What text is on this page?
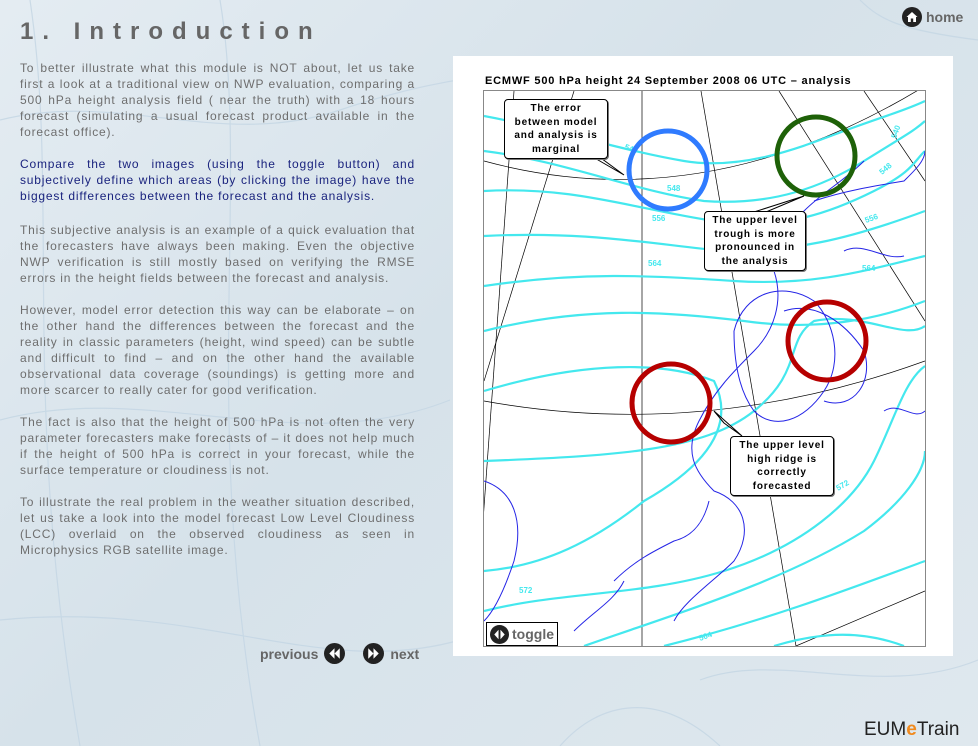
1. Introduction
home

To better illustrate what this module is NOT about, let us take first a look at a traditional view on NWP evaluation, comparing a 500 hPa height analysis field ( near the truth) with a 18 hours forecast (simulating a usual forecast product available in the forecast office).

Compare the two images (using the toggle button) and subjectively define which areas (by clicking the image) have the biggest differences between the forecast and the analysis.

This subjective analysis is an example of a quick evaluation that the forecasters have always been making. Even the objective NWP verification is still mostly based on verifying the RMSE errors in the height fields between the forecast and analysis.

However, model error detection this way can be elaborate – on the other hand the differences between the forecast and the reality in classic parameters (height, wind speed) can be subtle and difficult to find – and on the other hand the available observational data coverage (soundings) is getting more and more scarcer to really cater for good verification.

The fact is also that the height of 500 hPa is not often the very parameter forecasters make forecasts of – it does not help much if the height of 500 hPa is correct in your forecast, while the surface temperature or cloudiness is not.

To illustrate the real problem in the weather situation described, let us take a look into the model forecast Low Level Cloudiness (LCC) overlaid on the observed cloudiness as seen in Microphysics RGB satellite image.

previous	next
ECMWF 500 hPa height 24 September 2008 06 UTC – analysis
540
548
556
564
572
540
548
556
564
572
564
The error between model and analysis is marginal
The upper level trough is more pronounced in the analysis
The upper level high ridge is correctly forecasted
toggle
EUMeTrain
